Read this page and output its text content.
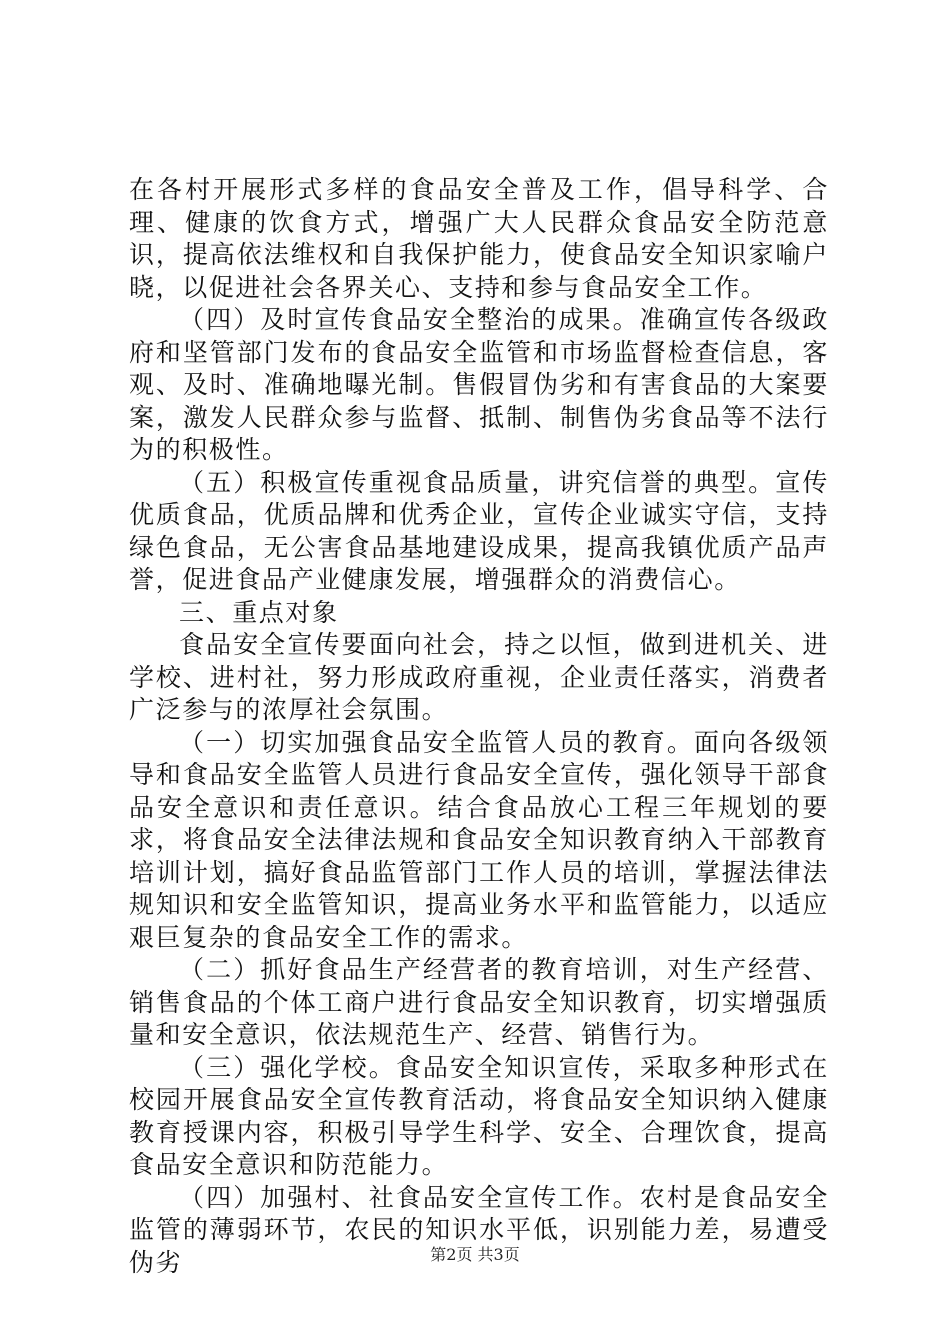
在各村开展形式多样的食品安全普及工作，倡导科学、合理、健康的饮食方式，增强广大人民群众食品安全防范意识，提高依法维权和自我保护能力，使食品安全知识家喻户晓，以促进社会各界关心、支持和参与食品安全工作。

（四）及时宣传食品安全整治的成果。准确宣传各级政府和坚管部门发布的食品安全监管和市场监督检查信息，客观、及时、准确地曝光制。售假冒伪劣和有害食品的大案要案，激发人民群众参与监督、抵制、制售伪劣食品等不法行为的积极性。

（五）积极宣传重视食品质量，讲究信誉的典型。宣传优质食品，优质品牌和优秀企业，宣传企业诚实守信，支持绿色食品，无公害食品基地建设成果，提高我镇优质产品声誉，促进食品产业健康发展，增强群众的消费信心。

三、重点对象

食品安全宣传要面向社会，持之以恒，做到进机关、进学校、进村社，努力形成政府重视，企业责任落实，消费者广泛参与的浓厚社会氛围。

（一）切实加强食品安全监管人员的教育。面向各级领导和食品安全监管人员进行食品安全宣传，强化领导干部食品安全意识和责任意识。结合食品放心工程三年规划的要求，将食品安全法律法规和食品安全知识教育纳入干部教育培训计划，搞好食品监管部门工作人员的培训，掌握法律法规知识和安全监管知识，提高业务水平和监管能力，以适应艰巨复杂的食品安全工作的需求。

（二）抓好食品生产经营者的教育培训，对生产经营、销售食品的个体工商户进行食品安全知识教育，切实增强质量和安全意识，依法规范生产、经营、销售行为。

（三）强化学校。食品安全知识宣传，采取多种形式在校园开展食品安全宣传教育活动，将食品安全知识纳入健康教育授课内容，积极引导学生科学、安全、合理饮食，提高食品安全意识和防范能力。

（四）加强村、社食品安全宣传工作。农村是食品安全监管的薄弱环节，农民的知识水平低，识别能力差，易遭受伪劣	第2页 共3页
